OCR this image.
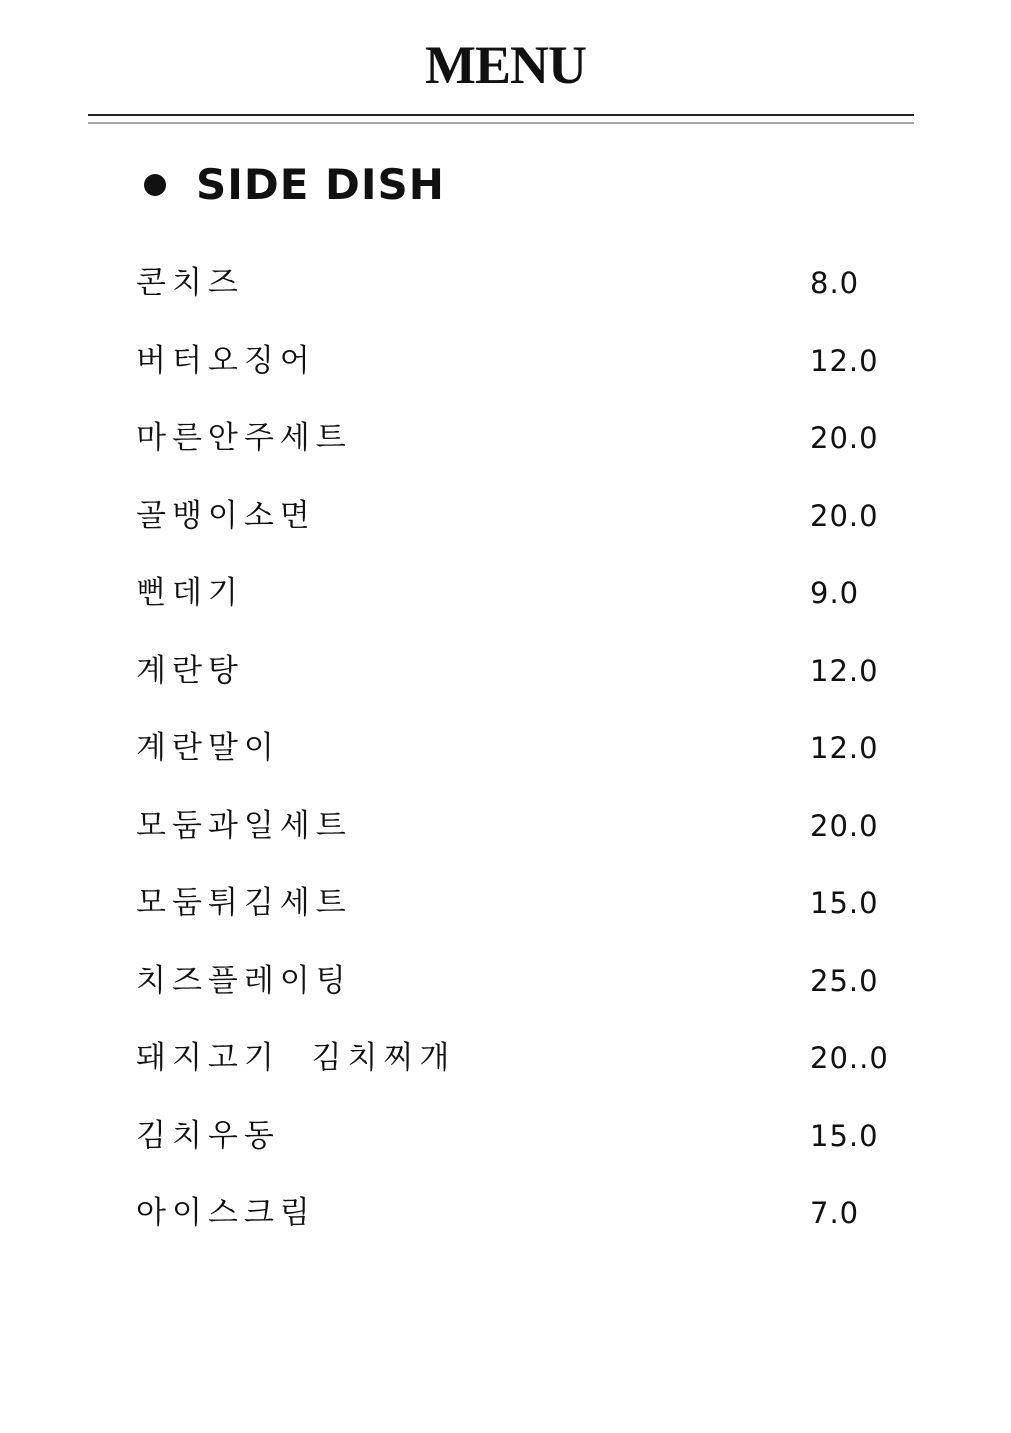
MENU
SIDE DISH
콘치즈	8.0
버터오징어	12.0
마른안주세트	20.0
골뱅이소면	20.0
뻔데기	9.0
계란탕	12.0
계란말이	12.0
모둠과일세트	20.0
모둠튀김세트	15.0
치즈플레이팅	25.0
돼지고기  김치찌개	20..0
김치우동	15.0
아이스크림	7.0
